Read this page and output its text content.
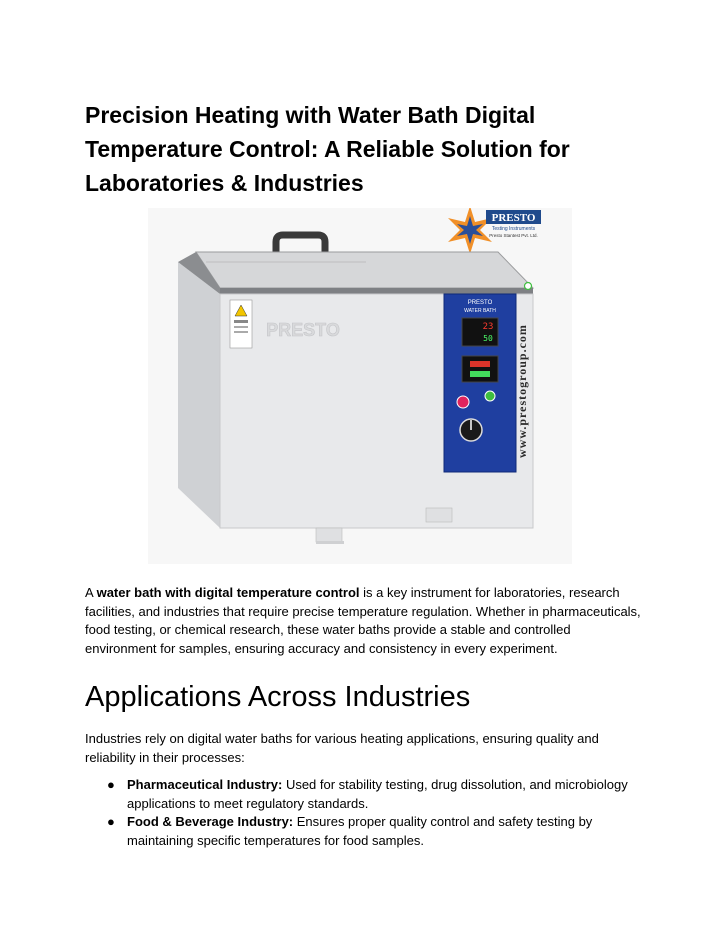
Precision Heating with Water Bath Digital Temperature Control: A Reliable Solution for Laboratories & Industries
PRESTO
Testing Instruments
Presto Stantest Pvt. Ltd.
PRESTO
PRESTO
WATER BATH
23
50 www.prestogroup.com

A water bath with digital temperature control is a key instrument for laboratories, research facilities, and industries that require precise temperature regulation. Whether in pharmaceuticals, food testing, or chemical research, these water baths provide a stable and controlled environment for samples, ensuring accuracy and consistency in every experiment.

Applications Across Industries

Industries rely on digital water baths for various heating applications, ensuring quality and reliability in their processes:

● Pharmaceutical Industry: Used for stability testing, drug dissolution, and microbiology applications to meet regulatory standards.
● Food & Beverage Industry: Ensures proper quality control and safety testing by maintaining specific temperatures for food samples.
